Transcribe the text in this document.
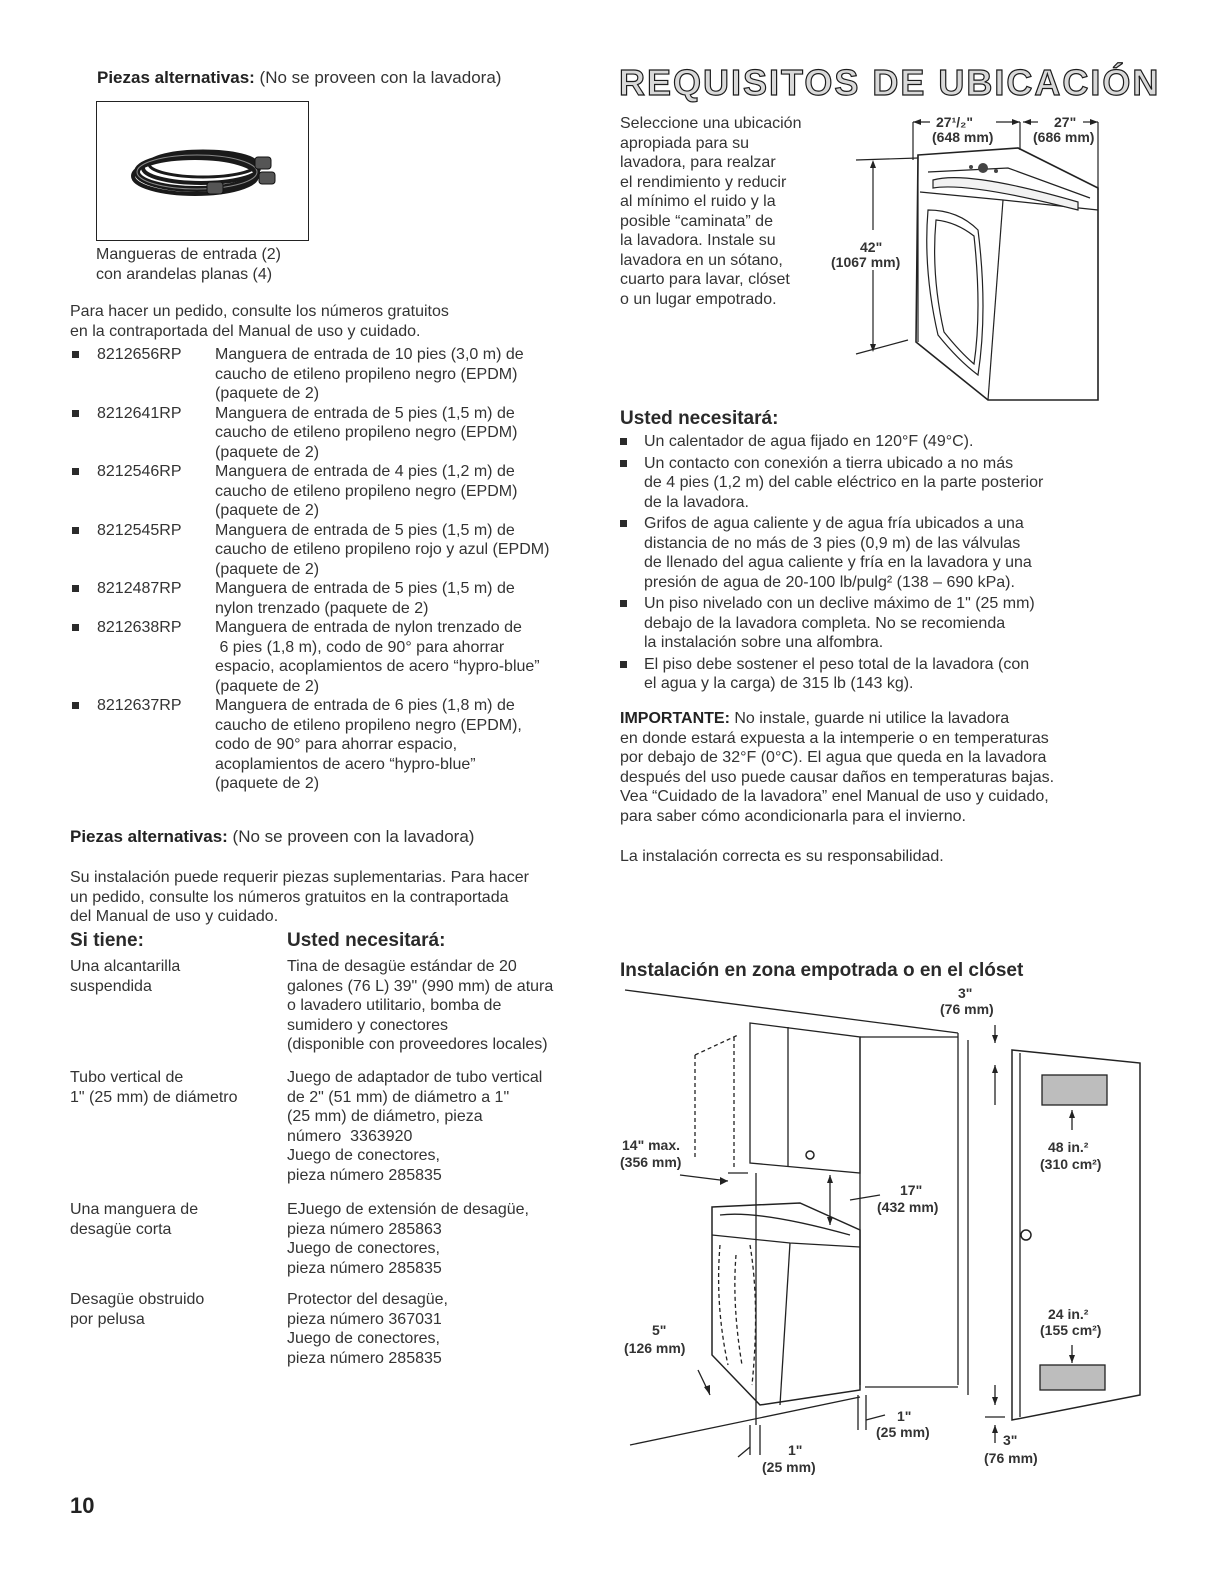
Piezas alternativas: (No se proveen con la lavadora)
Mangueras de entrada (2)
con arandelas planas (4)
Para hacer un pedido, consulte los números gratuitos
en la contraportada del Manual de uso y cuidado.
8212656RP Manguera de entrada de 10 pies (3,0 m) de
caucho de etileno propileno negro (EPDM)
(paquete de 2)
8212641RP Manguera de entrada de 5 pies (1,5 m) de
caucho de etileno propileno negro (EPDM)
(paquete de 2)
8212546RP Manguera de entrada de 4 pies (1,2 m) de
caucho de etileno propileno negro (EPDM)
(paquete de 2)
8212545RP Manguera de entrada de 5 pies (1,5 m) de
caucho de etileno propileno rojo y azul (EPDM)
(paquete de 2)
8212487RP Manguera de entrada de 5 pies (1,5 m) de
nylon trenzado (paquete de 2)
8212638RP Manguera de entrada de nylon trenzado de
6 pies (1,8 m), codo de 90° para ahorrar
espacio, acoplamientos de acero “hypro-blue”
(paquete de 2)
8212637RP Manguera de entrada de 6 pies (1,8 m) de
caucho de etileno propileno negro (EPDM),
codo de 90° para ahorrar espacio,
acoplamientos de acero “hypro-blue”
(paquete de 2)
Piezas alternativas: (No se proveen con la lavadora)
Su instalación puede requerir piezas suplementarias. Para hacer
un pedido, consulte los números gratuitos en la contraportada
del Manual de uso y cuidado.
Si tiene:	Usted necesitará:
Una alcantarilla
suspendida
Tina de desagüe estándar de 20
galones (76 L) 39" (990 mm) de atura
o lavadero utilitario, bomba de
sumidero y conectores
(disponible con proveedores locales)
Tubo vertical de
1" (25 mm) de diámetro
Juego de adaptador de tubo vertical
de 2" (51 mm) de diámetro a 1"
(25 mm) de diámetro, pieza
número  3363920
Juego de conectores,
pieza número 285835
Una manguera de
desagüe corta
EJuego de extensión de desagüe,
pieza número 285863
Juego de conectores,
pieza número 285835
Desagüe obstruido
por pelusa
Protector del desagüe,
pieza número 367031
Juego de conectores,
pieza número 285835
10
REQUISITOS DE UBICACIÓN
Seleccione una ubicación
apropiada para su
lavadora, para realzar
el rendimiento y reducir
al mínimo el ruido y la
posible “caminata” de
la lavadora. Instale su
lavadora en un sótano,
cuarto para lavar, clóset
o un lugar empotrado.
27¹/₂"
(648 mm)
27"
(686 mm)
42"
(1067 mm)
Usted necesitará:
Un calentador de agua fijado en 120°F (49°C).
Un contacto con conexión a tierra ubicado a no más
de 4 pies (1,2 m) del cable eléctrico en la parte posterior
de la lavadora.
Grifos de agua caliente y de agua fría ubicados a una
distancia de no más de 3 pies (0,9 m) de las válvulas
de llenado del agua caliente y fría en la lavadora y una
presión de agua de 20-100 lb/pulg² (138 – 690 kPa).
Un piso nivelado con un declive máximo de 1" (25 mm)
debajo de la lavadora completa. No se recomienda
la instalación sobre una alfombra.
El piso debe sostener el peso total de la lavadora (con
el agua y la carga) de 315 lb (143 kg).
IMPORTANTE: No instale, guarde ni utilice la lavadora
en donde estará expuesta a la intemperie o en temperaturas
por debajo de 32°F (0°C). El agua que queda en la lavadora
después del uso puede causar daños en temperaturas bajas.
Vea “Cuidado de la lavadora” enel Manual de uso y cuidado,
para saber cómo acondicionarla para el invierno.
La instalación correcta es su responsabilidad.
Instalación en zona empotrada o en el clóset
3"
(76 mm)
14" max.
(356 mm)
17"
(432 mm)
48 in.²
(310 cm²)
24 in.²
(155 cm²)
5"
(126 mm)
1"
(25 mm)
1"
(25 mm)	3"
(76 mm)
